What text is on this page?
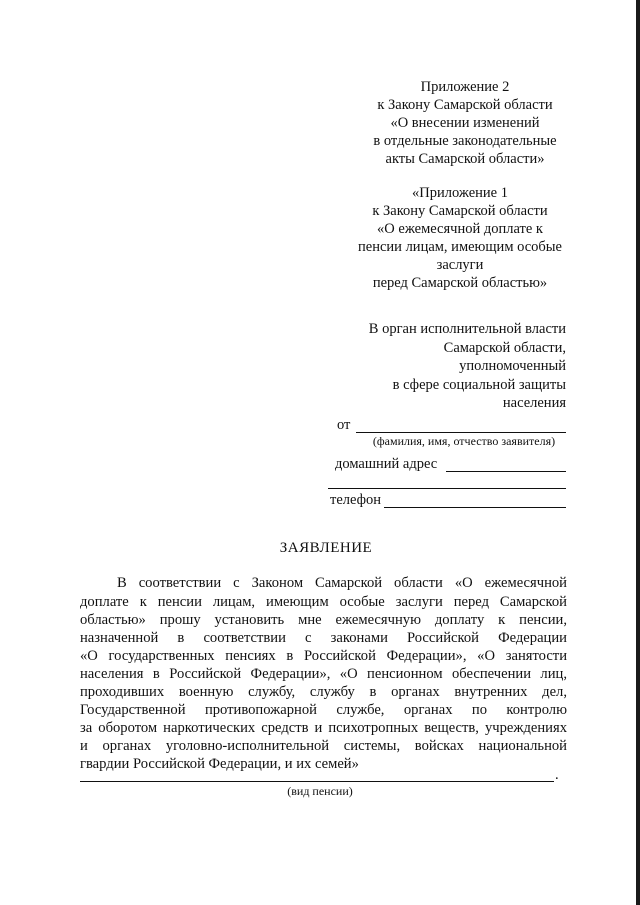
Приложение 2
к Закону Самарской области
«О внесении изменений
в отдельные законодательные
акты Самарской области»
«Приложение 1
к Закону Самарской области
«О ежемесячной доплате к
пенсии лицам, имеющим особые
заслуги
перед Самарской областью»
В орган исполнительной власти
Самарской области,
уполномоченный
в сфере социальной защиты
населения
от
(фамилия, имя, отчество заявителя)
домашний адрес
телефон
ЗАЯВЛЕНИЕ
В соответствии с Законом Самарской области «О ежемесячной
доплате к пенсии лицам, имеющим особые заслуги перед Самарской
областью» прошу установить мне ежемесячную доплату к пенсии,
назначенной в соответствии с законами Российской Федерации
«О государственных пенсиях в Российской Федерации», «О занятости
населения в Российской Федерации», «О пенсионном обеспечении лиц,
проходивших военную службу, службу в органах внутренних дел,
Государственной противопожарной службе, органах по контролю
за оборотом наркотических средств и психотропных веществ, учреждениях
и органах уголовно-исполнительной системы, войсках национальной
гвардии Российской Федерации, и их семей»
.
(вид пенсии)
